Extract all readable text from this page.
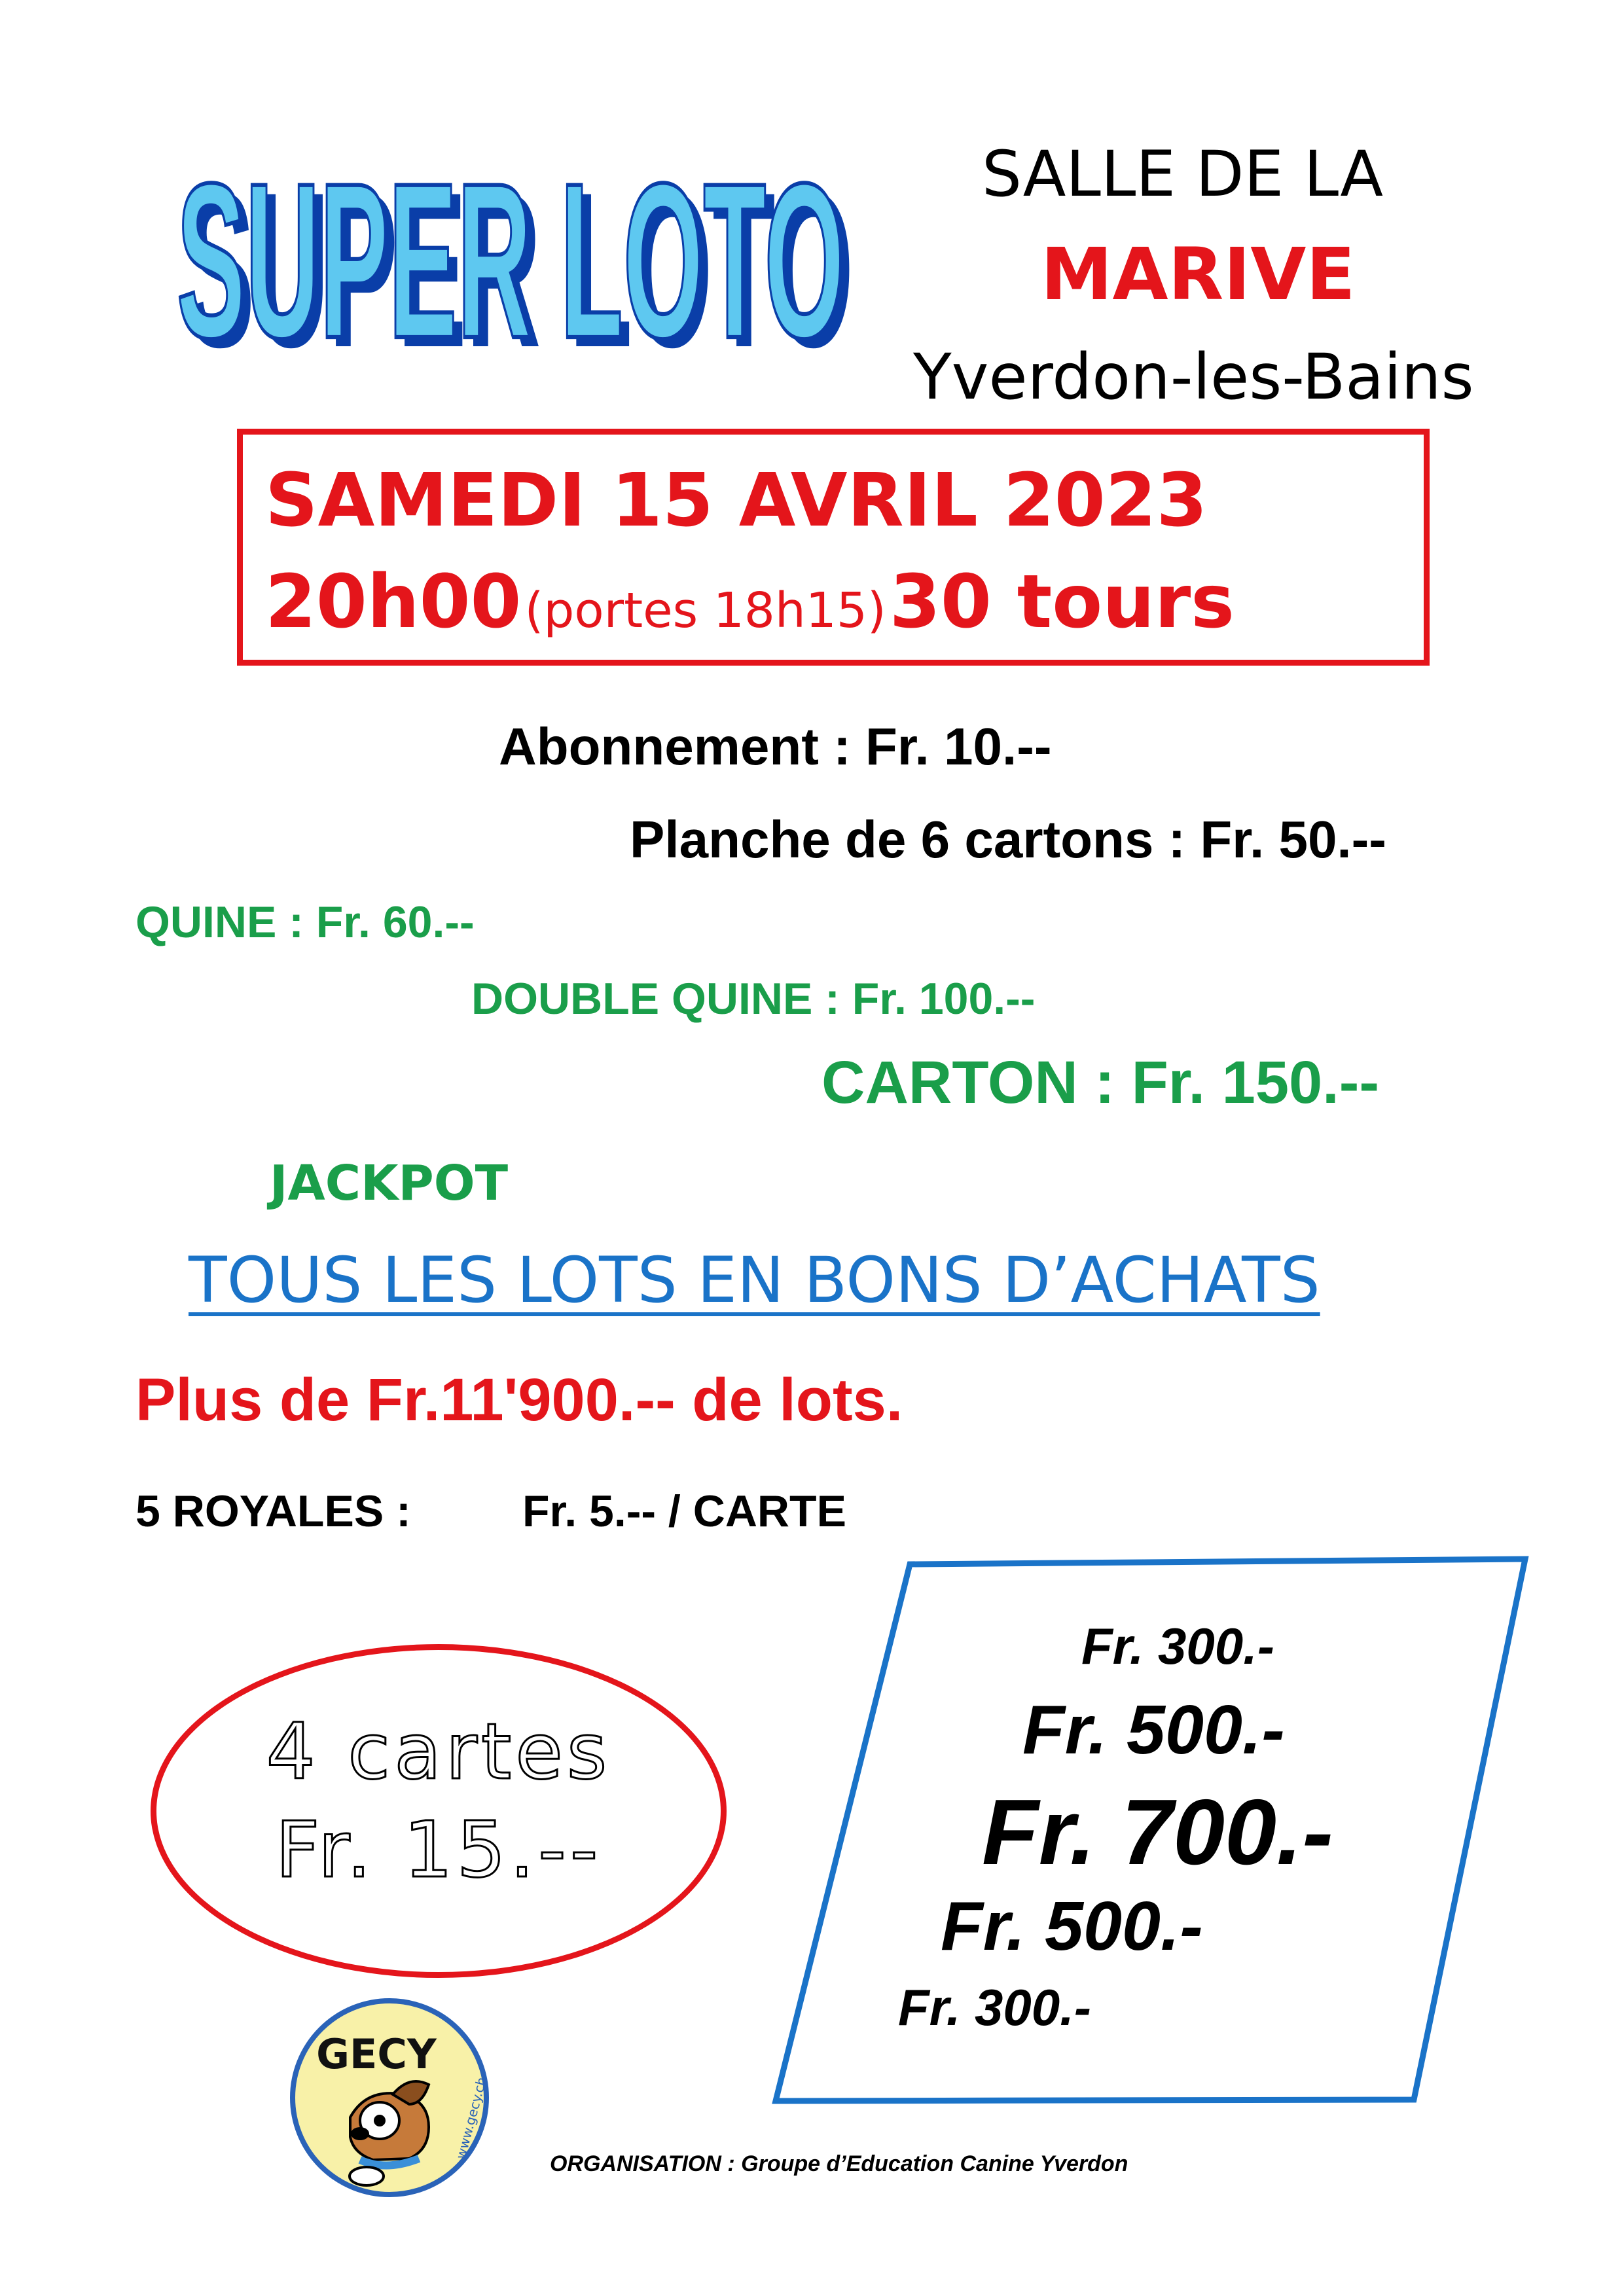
SUPER LOTO
SUPER LOTO SALLE DE LA
MARIVE
Yverdon-les-Bains
SAMEDI 15 AVRIL 2023
20h00 (portes 18h15) 30 tours
Abonnement : Fr. 10.--
Planche de 6 cartons : Fr. 50.--
QUINE : Fr. 60.--
DOUBLE QUINE : Fr. 100.--
CARTON : Fr. 150.--
JACKPOT
TOUS LES LOTS EN BONS D’ACHATS
Plus de Fr.11'900.-- de lots.
5 ROYALES :	Fr. 5.-- / CARTE
4 cartes
Fr. 15.--
Fr. 300.-
Fr. 500.-
Fr. 700.-
Fr. 500.-
Fr. 300.-
GECY
www.gecy.ch
ORGANISATION : Groupe d’Education Canine Yverdon
